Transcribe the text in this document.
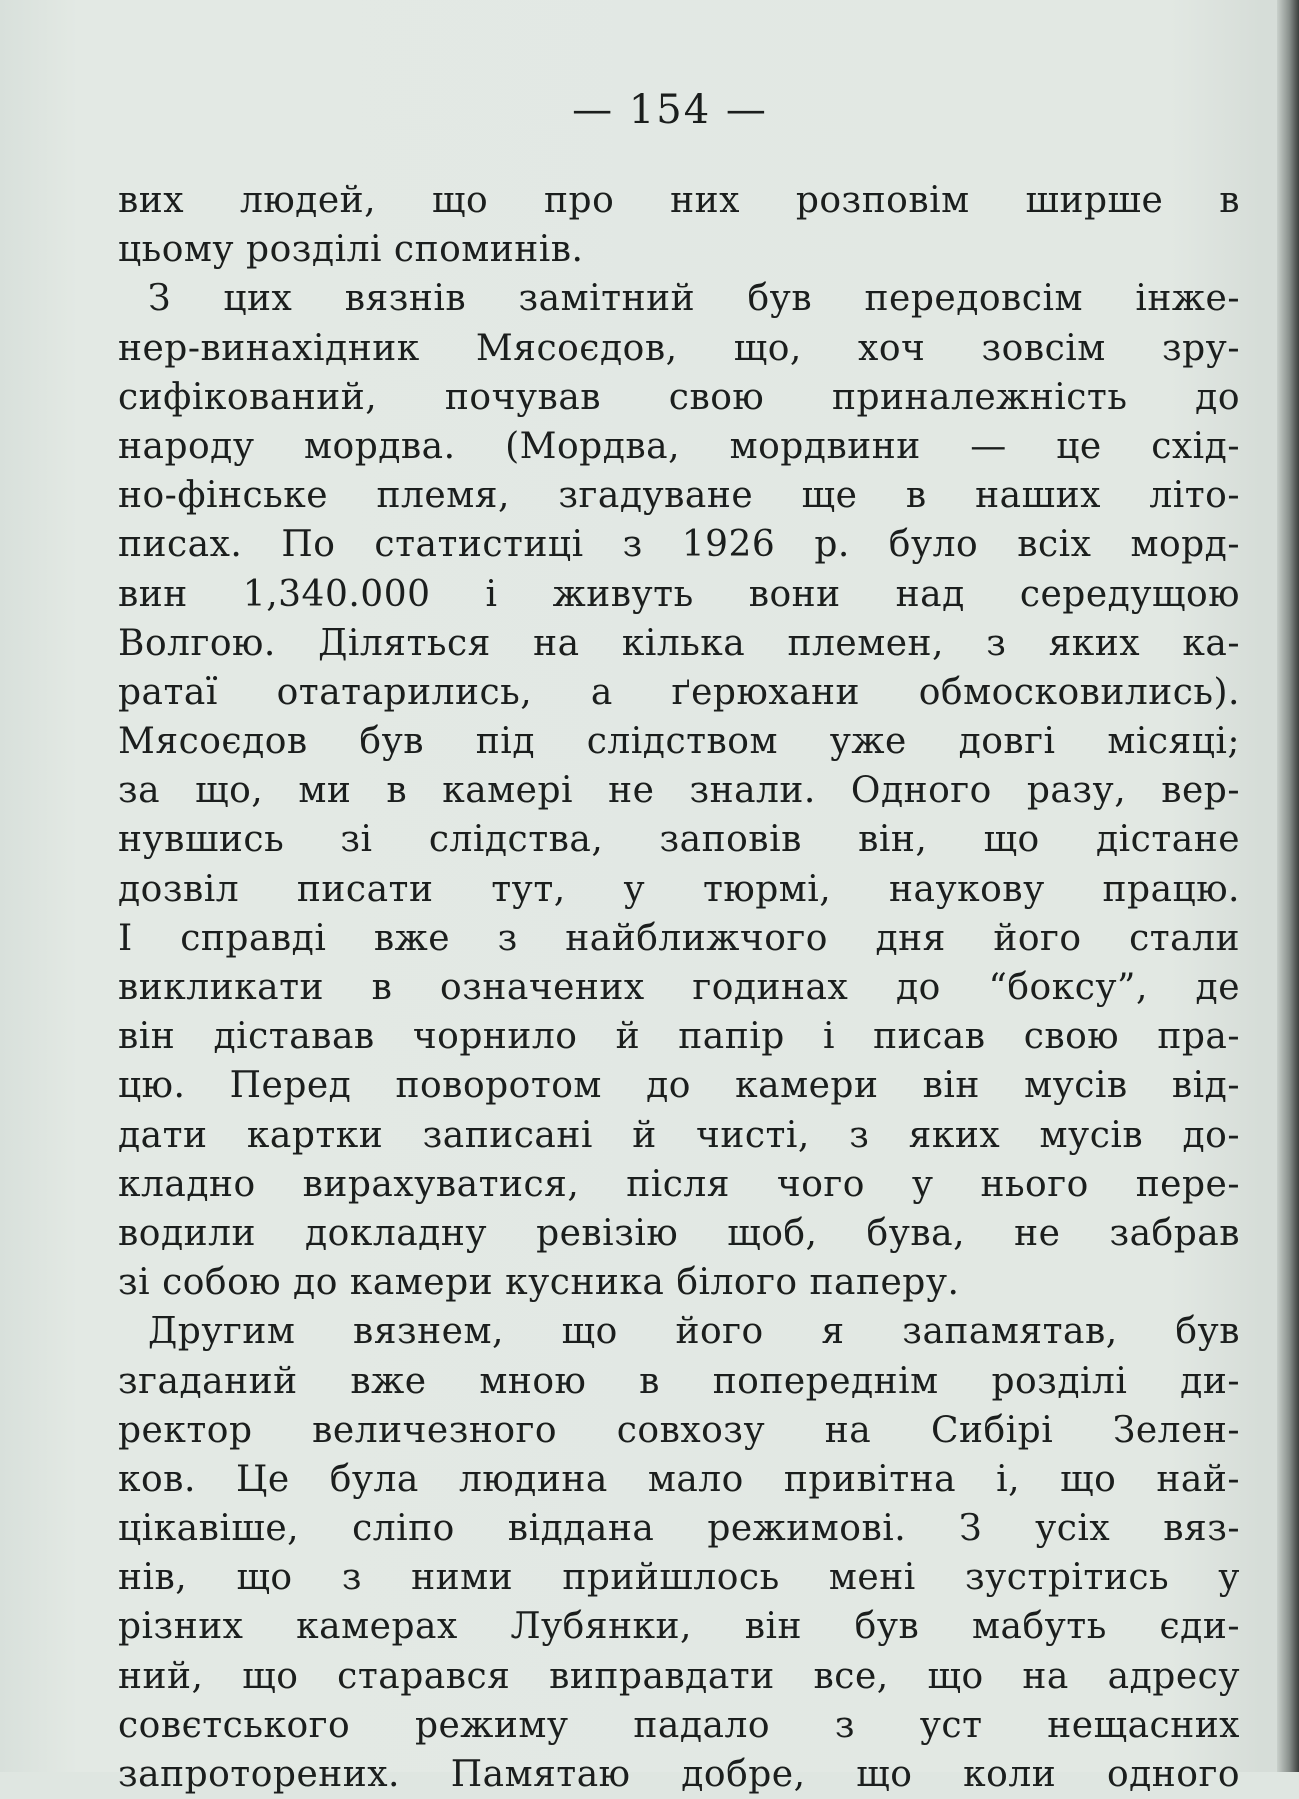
— 154 —
вих людей, що про них розповім ширше в
цьому розділі споминів.
З цих вязнів замітний був передовсім інже-
нер-винахідник Мясоєдов, що, хоч зовсім зру-
сифікований, почував свою приналежність до
народу мордва. (Мордва, мордвини — це схід-
но-фінське племя, згадуване ще в наших літо-
писах. По статистиці з 1926 р. було всіх морд-
вин 1,340.000 і живуть вони над середущою
Волгою. Діляться на кілька племен, з яких ка-
ратаї отатарились, а ґерюхани обмосковились).
Мясоєдов був під слідством уже довгі місяці;
за що, ми в камері не знали. Одного разу, вер-
нувшись зі слідства, заповів він, що дістане
дозвіл писати тут, у тюрмі, наукову працю.
І справді вже з найближчого дня його стали
викликати в означених годинах до “боксу”, де
він діставав чорнило й папір і писав свою пра-
цю. Перед поворотом до камери він мусів від-
дати картки записані й чисті, з яких мусів до-
кладно вирахуватися, після чого у нього пере-
водили докладну ревізію щоб, бува, не забрав
зі собою до камери кусника білого паперу.
Другим вязнем, що його я запамятав, був
згаданий вже мною в попереднім розділі ди-
ректор величезного совхозу на Сибірі Зелен-
ков. Це була людина мало привітна і, що най-
цікавіше, сліпо віддана режимові. З усіх вяз-
нів, що з ними прийшлось мені зустрітись у
різних камерах Лубянки, він був мабуть єди-
ний, що старався виправдати все, що на адресу
совєтського режиму падало з уст нещасних
запроторених. Памятаю добре, що коли одного
